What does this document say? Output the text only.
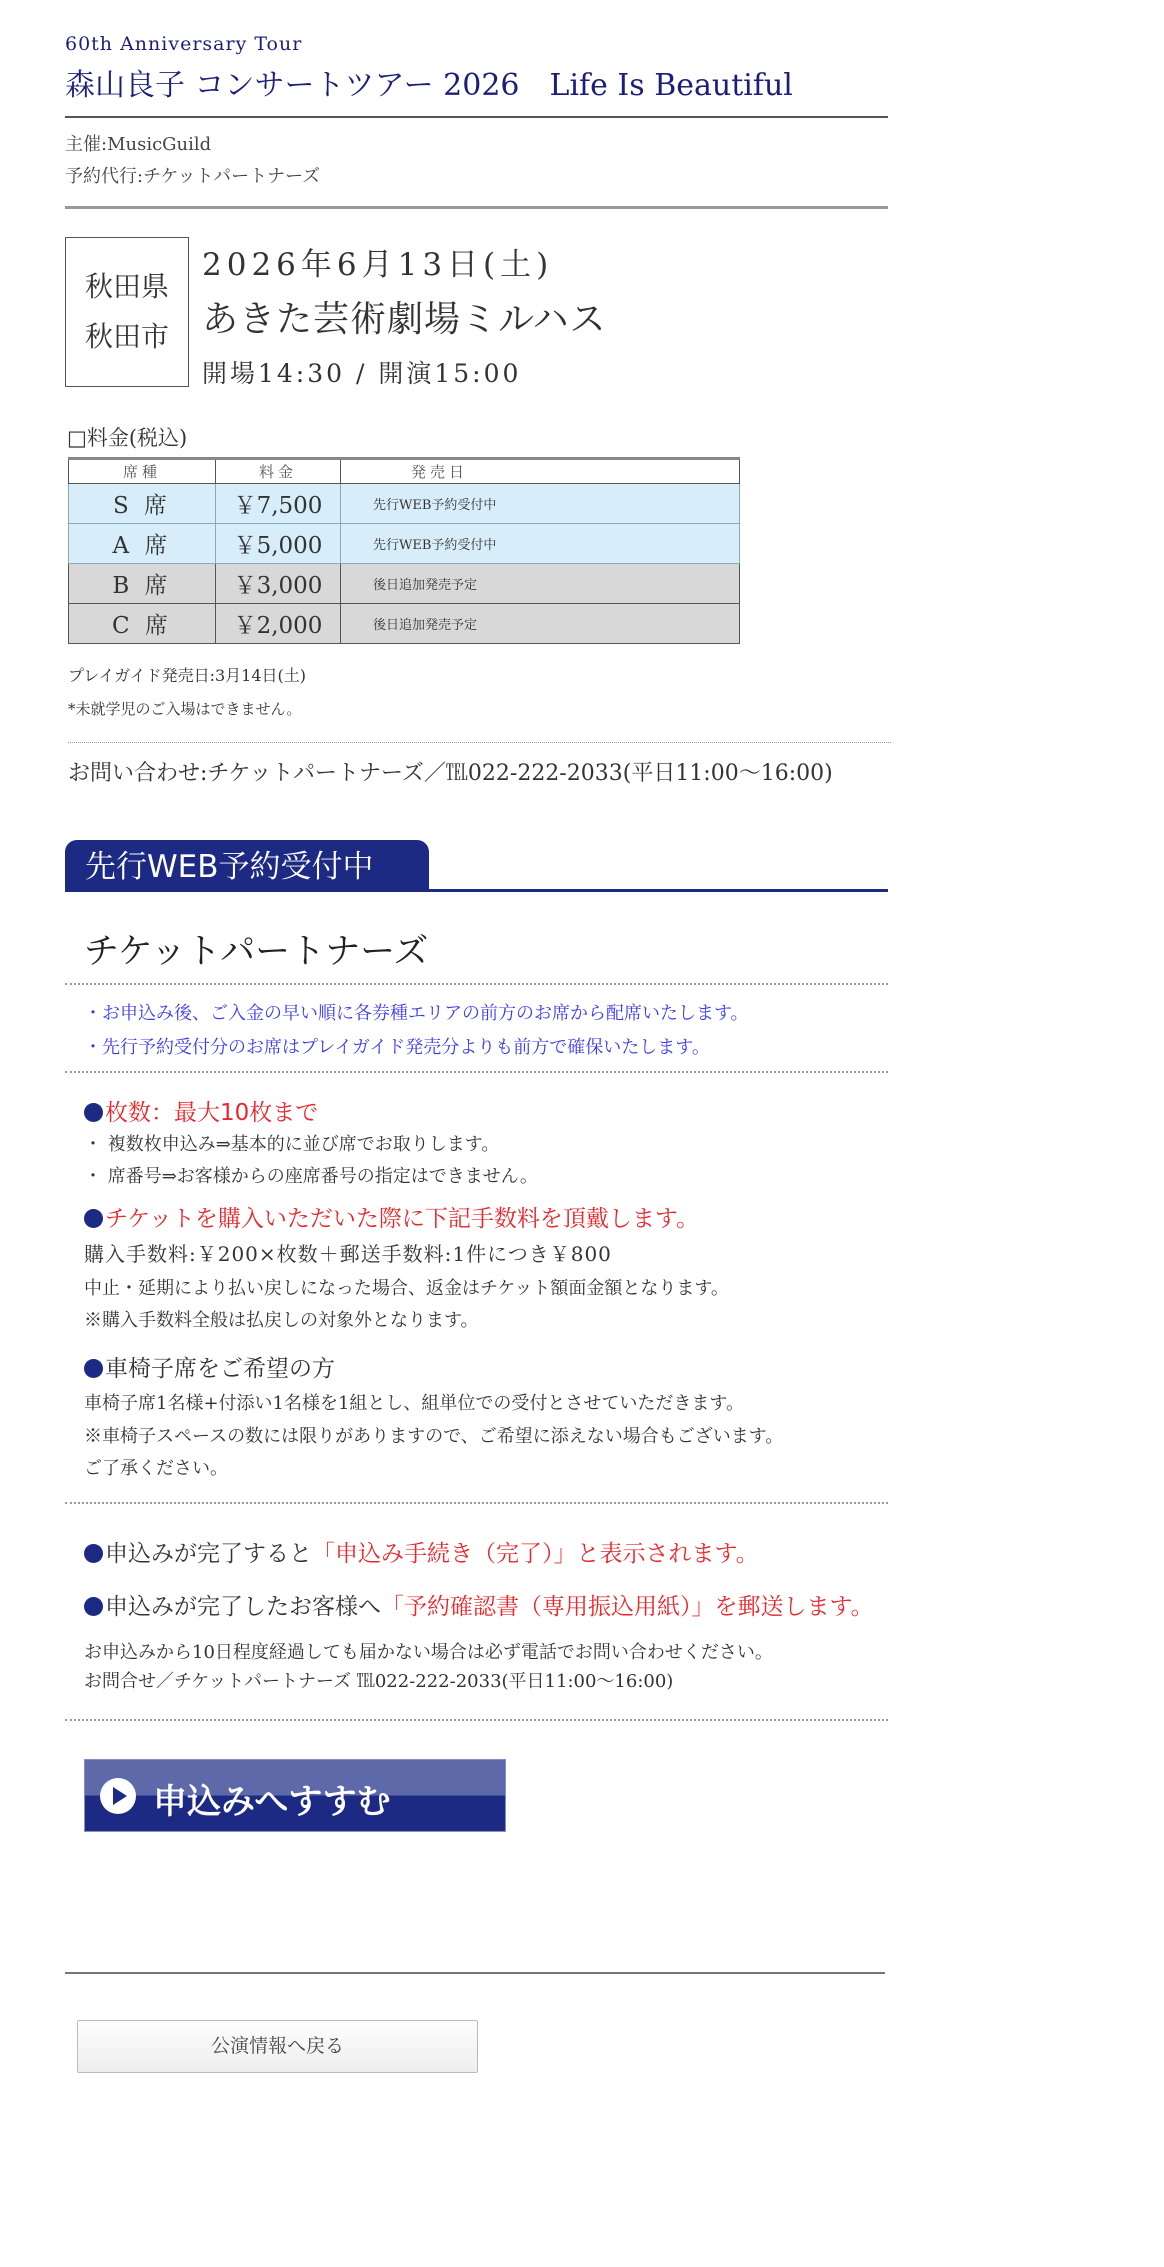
60th Anniversary Tour
森山良子 コンサートツアー 2026　Life Is Beautiful
主催:MusicGuild
予約代行:チケットパートナーズ
秋田県
秋田市
2026年6月13日(土)
あきた芸術劇場ミルハス
開場14:30 / 開演15:00
□料金(税込)
席種	料金	発売日
S 席	￥7,500	先行WEB予約受付中
A 席	￥5,000	先行WEB予約受付中
B 席	￥3,000	後日追加発売予定
C 席	￥2,000	後日追加発売予定
プレイガイド発売日:3月14日(土)
*未就学児のご入場はできません。
お問い合わせ:チケットパートナーズ／℡022-222-2033(平日11:00～16:00)
先行WEB予約受付中
チケットパートナーズ
・お申込み後、ご入金の早い順に各券種エリアの前方のお席から配席いたします。
・先行予約受付分のお席はプレイガイド発売分よりも前方で確保いたします。
枚数：最大10枚まで
・ 複数枚申込み⇒基本的に並び席でお取りします。
・ 席番号⇒お客様からの座席番号の指定はできません。
チケットを購入いただいた際に下記手数料を頂戴します。
購入手数料:￥200×枚数＋郵送手数料:1件につき￥800
中止・延期により払い戻しになった場合、返金はチケット額面金額となります。
※購入手数料全般は払戻しの対象外となります。
車椅子席をご希望の方
車椅子席1名様+付添い1名様を1組とし、組単位での受付とさせていただきます。
※車椅子スペースの数には限りがありますので、ご希望に添えない場合もございます。
ご了承ください。
申込みが完了すると「申込み手続き（完了）」と表示されます。
申込みが完了したお客様へ「予約確認書（専用振込用紙）」を郵送します。
お申込みから10日程度経過しても届かない場合は必ず電話でお問い合わせください。
お問合せ／チケットパートナーズ ℡022-222-2033(平日11:00～16:00)
申込みへすすむ
公演情報へ戻る
